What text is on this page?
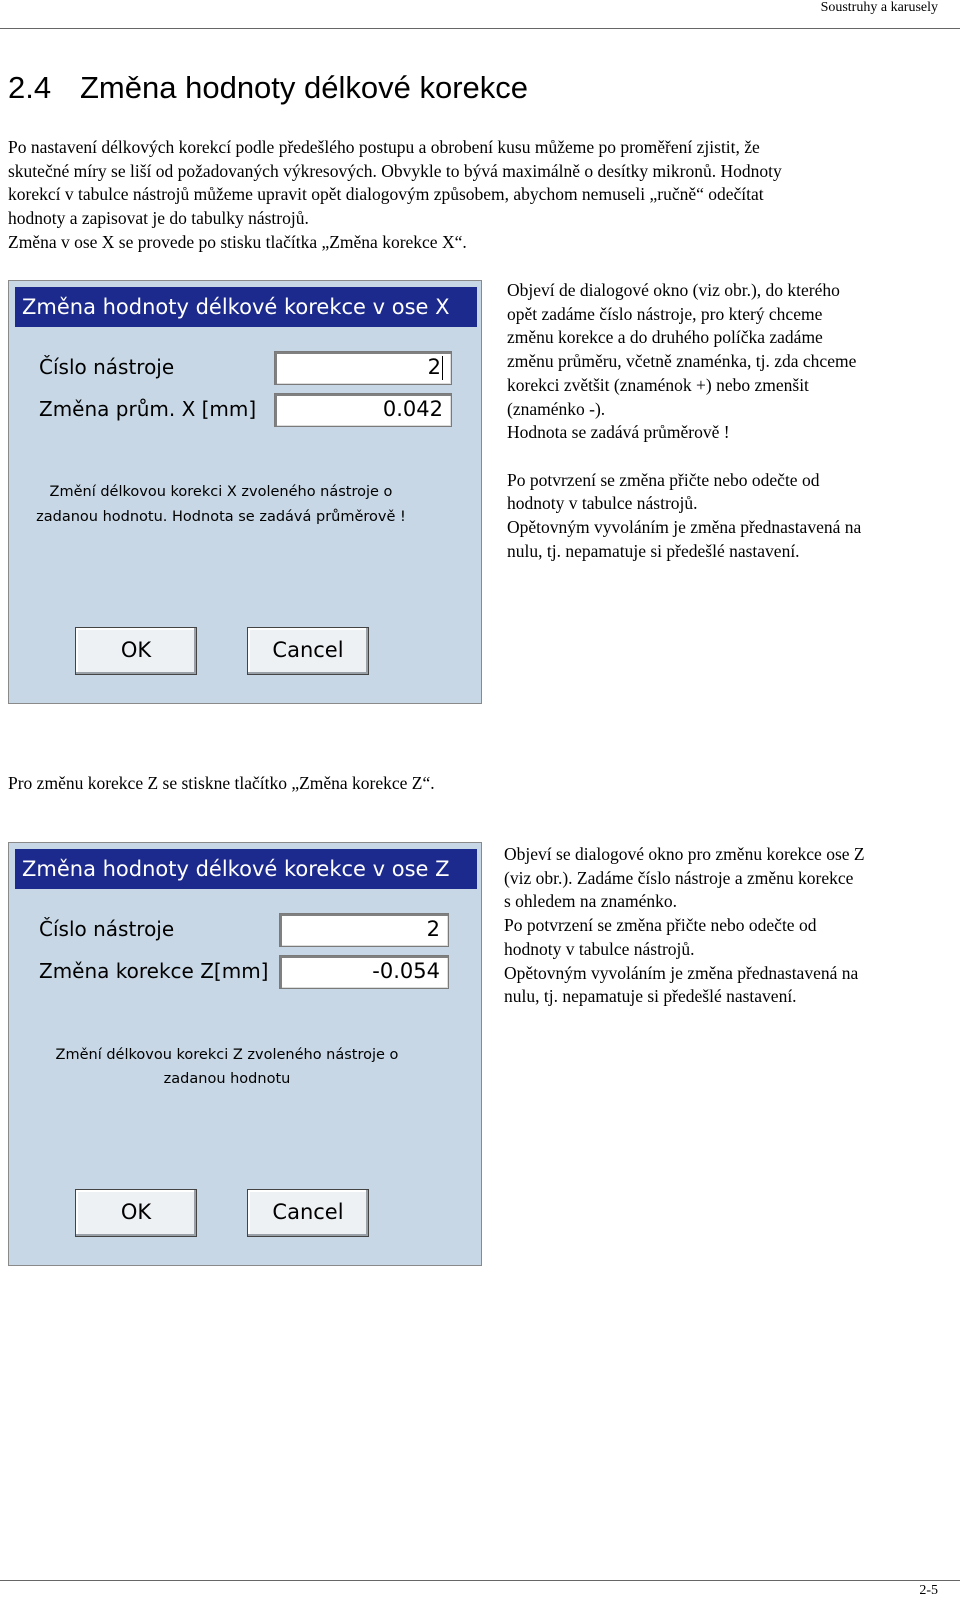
Soustruhy a karusely
2.4 Změna hodnoty délkové korekce

Po nastavení délkových korekcí podle předešlého postupu a obrobení kusu můžeme po proměření zjistit, že

skutečné míry se liší od požadovaných výkresových. Obvykle to bývá maximálně o desítky mikronů. Hodnoty

korekcí v tabulce nástrojů můžeme upravit opět dialogovým způsobem, abychom nemuseli „ručně“ odečítat

hodnoty a zapisovat je do tabulky nástrojů.

Změna v ose X se provede po stisku tlačítka „Změna korekce X“.

Změna hodnoty délkové korekce v ose X
Číslo nástroje	2
Změna prům. X [mm]	0.042
Změní délkovou korekci X zvoleného nástroje o
zadanou hodnotu. Hodnota se zadává průměrově !
OK	Cancel

Objeví de dialogové okno (viz obr.), do kterého

opět zadáme číslo nástroje, pro který chceme

změnu korekce a do druhého políčka zadáme

změnu průměru, včetně znaménka, tj. zda chceme

korekci zvětšit (znaménok +) nebo zmenšit

(znaménko -).

Hodnota se zadává průměrově !

Po potvrzení se změna přičte nebo odečte od

hodnoty v tabulce nástrojů.

Opětovným vyvoláním je změna přednastavená na

nulu, tj. nepamatuje si předešlé nastavení.

Pro změnu korekce Z se stiskne tlačítko „Změna korekce Z“.

Změna hodnoty délkové korekce v ose Z
Číslo nástroje	2
Změna korekce Z[mm]	-0.054
Změní délkovou korekci Z zvoleného nástroje o
zadanou hodnotu
OK	Cancel

Objeví se dialogové okno pro změnu korekce ose Z

(viz obr.). Zadáme číslo nástroje a změnu korekce

s ohledem na znaménko.

Po potvrzení se změna přičte nebo odečte od

hodnoty v tabulce nástrojů.

Opětovným vyvoláním je změna přednastavená na

nulu, tj. nepamatuje si předešlé nastavení.

2-5
